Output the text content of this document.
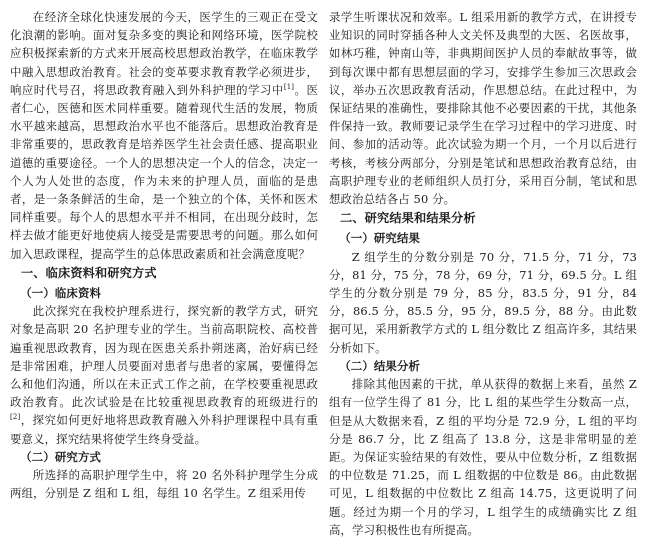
在经济全球化快速发展的今天，医学生的三观正在受文化浪潮的影响。面对复杂多变的舆论和网络环境，医学院校应积极探索新的方式来开展高校思想政治教学，在临床教学中融入思想政治教育。社会的变革要求教育教学必须进步，响应时代号召，将思政教育融入到外科护理的学习中[1]。医者仁心，医德和医术同样重要。随着现代生活的发展，物质水平越来越高，思想政治水平也不能落后。思想政治教育是非常重要的，思政教育是培养医学生社会责任感、提高职业道德的重要途径。一个人的思想决定一个人的信念，决定一个人为人处世的态度，作为未来的护理人员，面临的是患者，是一条条鲜活的生命，是一个独立的个体，关怀和医术同样重要。每个人的思想水平并不相同，在出现分歧时，怎样去做才能更好地使病人接受是需要思考的问题。那么如何加入思政课程，提高学生的总体思政素质和社会满意度呢？

一、临床资料和研究方式
（一）临床资料

此次探究在我校护理系进行，探究新的教学方式，研究对象是高职 20 名护理专业的学生。当前高职院校、高校普遍重视思政教育，因为现在医患关系扑朔迷离，治好病已经是非常困难，护理人员要面对患者与患者的家属，要懂得怎么和他们沟通，所以在未正式工作之前，在学校要重视思政政治教育。此次试验是在比较重视思政教育的班级进行的[2]，探究如何更好地将思政教育融入外科护理课程中具有重要意义，探究结果将使学生终身受益。

（二）研究方式

所选择的高职护理学生中，将 20 名外科护理学生分成两组，分别是 Z 组和 L 组，每组 10 名学生。Z 组采用传

录学生听课状况和效率。L 组采用新的教学方式，在讲授专业知识的同时穿插各种人文关怀及典型的大医、名医故事，如林巧稚，钟南山等，非典期间医护人员的奉献故事等，做到每次课中都有思想层面的学习，安排学生参加三次思政会议，举办五次思政教育活动，作思想总结。在此过程中，为保证结果的准确性，要排除其他不必要因素的干扰，其他条件保持一致。教师要记录学生在学习过程中的学习进度、时间、参加的活动等。此次试验为期一个月，一个月以后进行考核，考核分两部分，分别是笔试和思想政治教育总结，由高职护理专业的老师组织人员打分，采用百分制，笔试和思想政治总结各占 50 分。

二、研究结果和结果分析
（一）研究结果

Z 组学生的分数分别是 70 分，71.5 分，71 分，73 分，81 分，75 分，78 分，69 分，71 分，69.5 分。L 组学生的分数分别是 79 分，85 分，83.5 分，91 分，84 分，86.5 分，85.5 分，95 分，89.5 分，88 分。由此数据可见，采用新教学方式的 L 组分数比 Z 组高许多，其结果分析如下。

（二）结果分析

排除其他因素的干扰，单从获得的数据上来看，虽然 Z 组有一位学生得了 81 分，比 L 组的某些学生分数高一点，但是从大数据来看，Z 组的平均分是 72.9 分，L 组的平均分是 86.7 分，比 Z 组高了 13.8 分，这是非常明显的差距。为保证实验结果的有效性，要从中位数分析，Z 组数据的中位数是 71.25，而 L 组数据的中位数是 86。由此数据可见，L 组数据的中位数比 Z 组高 14.75，这更说明了问题。经过为期一个月的学习，L 组学生的成绩确实比 Z 组高，学习积极性也有所提高。
